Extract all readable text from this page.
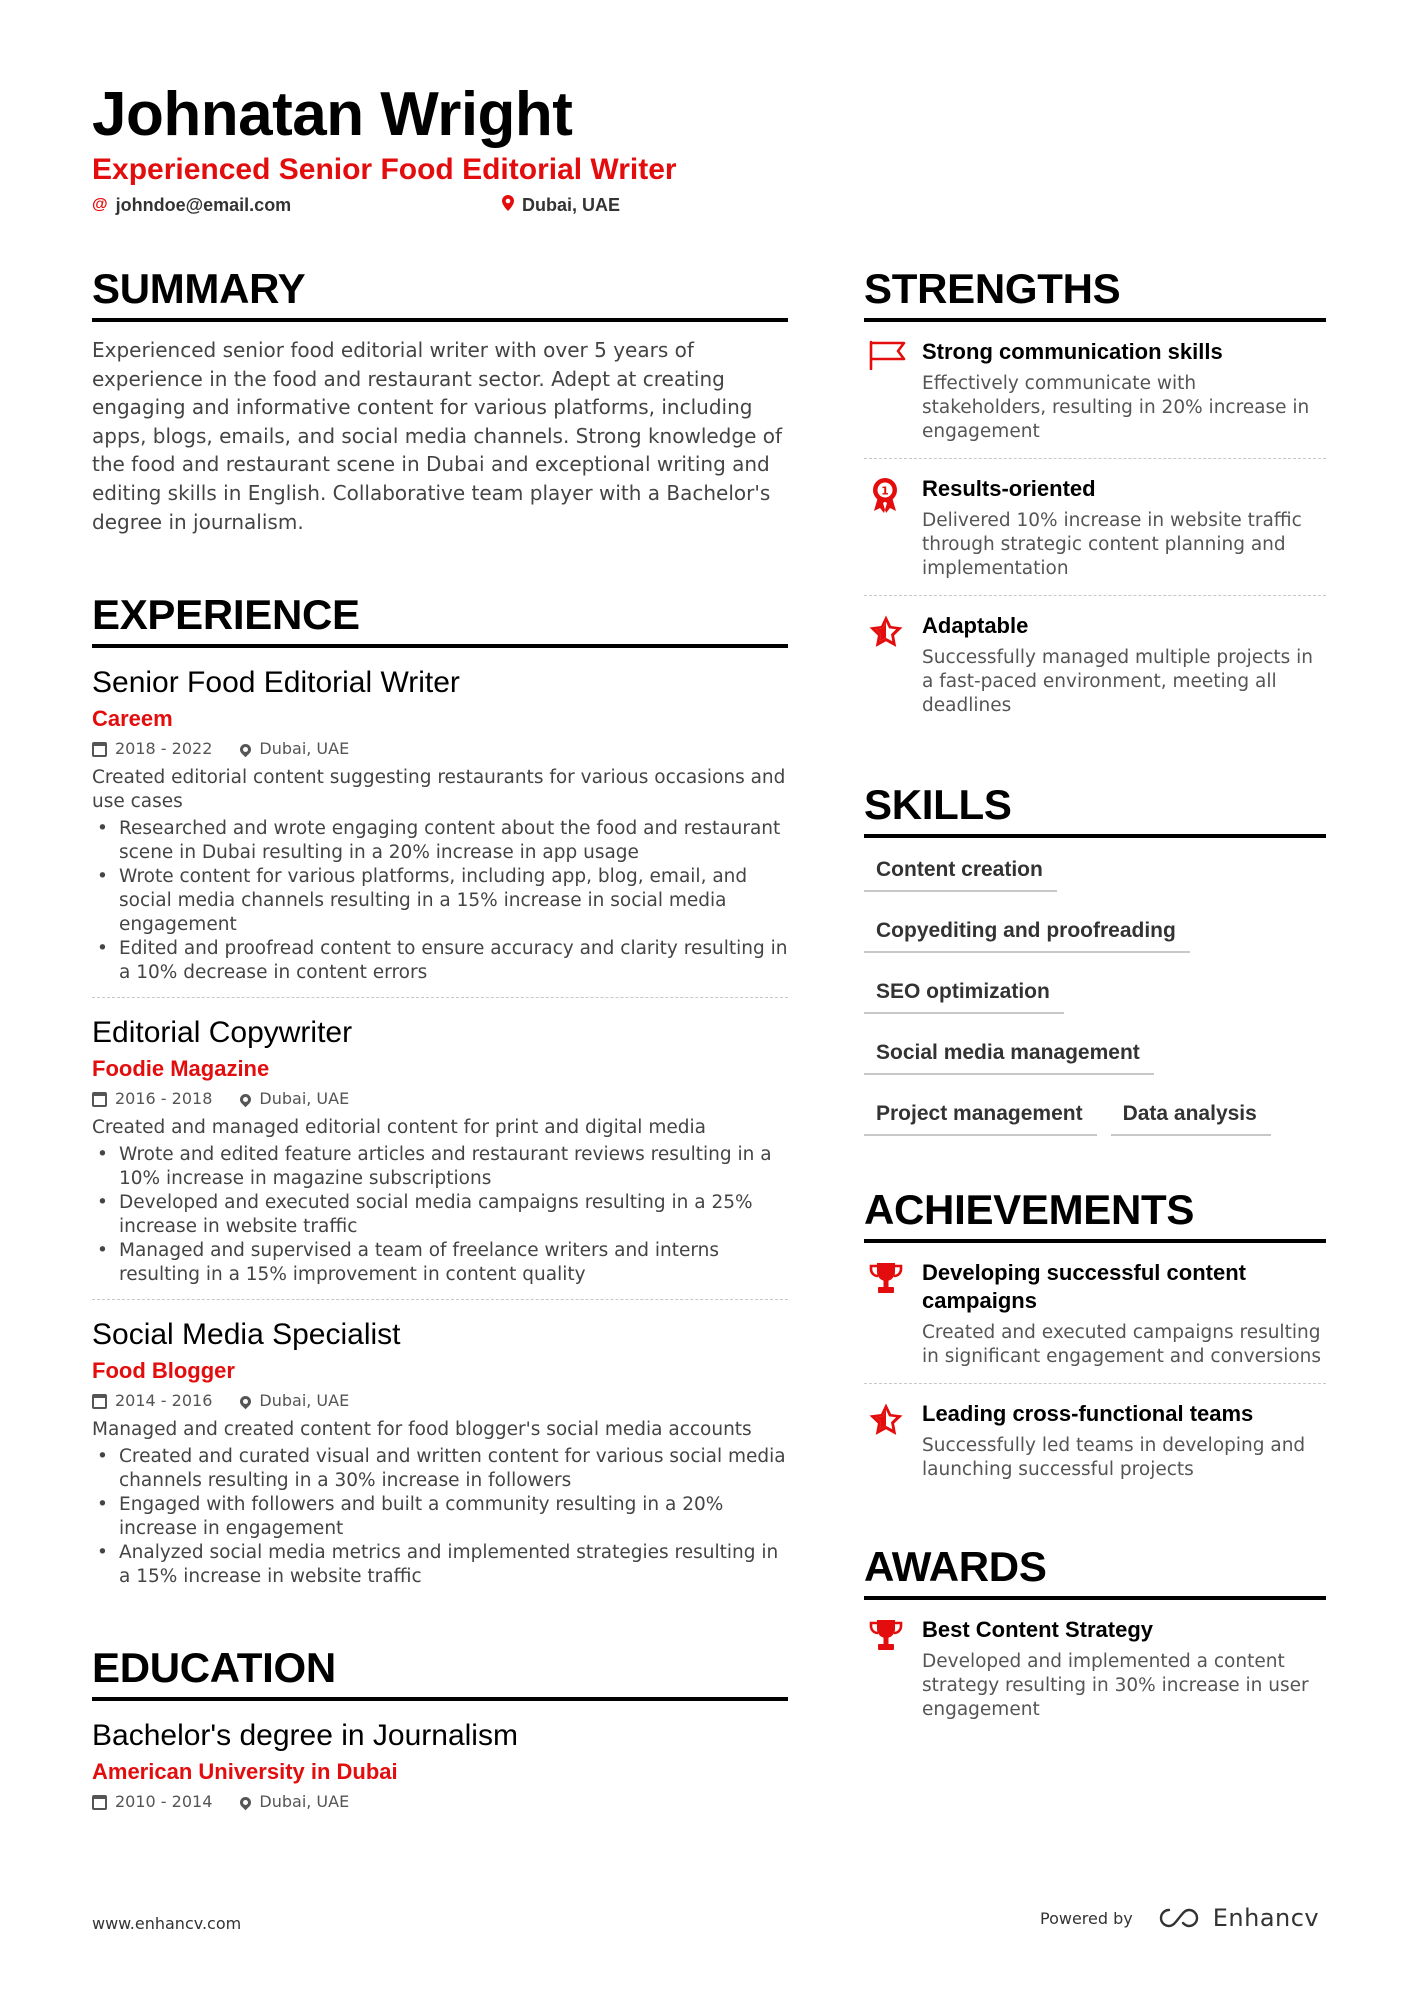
Johnatan Wright
Experienced Senior Food Editorial Writer
@ johndoe@email.com	Dubai, UAE
SUMMARY

Experienced senior food editorial writer with over 5 years of experience in the food and restaurant sector. Adept at creating engaging and informative content for various platforms, including apps, blogs, emails, and social media channels. Strong knowledge of the food and restaurant scene in Dubai and exceptional writing and editing skills in English. Collaborative team player with a Bachelor's degree in journalism.

EXPERIENCE
Senior Food Editorial Writer
Careem
2018 - 2022	Dubai, UAE
Created editorial content suggesting restaurants for various occasions and use cases
• Researched and wrote engaging content about the food and restaurant scene in Dubai resulting in a 20% increase in app usage
• Wrote content for various platforms, including app, blog, email, and social media channels resulting in a 15% increase in social media engagement
• Edited and proofread content to ensure accuracy and clarity resulting in a 10% decrease in content errors
Editorial Copywriter
Foodie Magazine
2016 - 2018	Dubai, UAE
Created and managed editorial content for print and digital media
• Wrote and edited feature articles and restaurant reviews resulting in a 10% increase in magazine subscriptions
• Developed and executed social media campaigns resulting in a 25% increase in website traffic
• Managed and supervised a team of freelance writers and interns resulting in a 15% improvement in content quality
Social Media Specialist
Food Blogger
2014 - 2016	Dubai, UAE
Managed and created content for food blogger's social media accounts
• Created and curated visual and written content for various social media channels resulting in a 30% increase in followers
• Engaged with followers and built a community resulting in a 20% increase in engagement
• Analyzed social media metrics and implemented strategies resulting in a 15% increase in website traffic
EDUCATION
Bachelor's degree in Journalism
American University in Dubai
2010 - 2014	Dubai, UAE
STRENGTHS
Strong communication skills
Effectively communicate with stakeholders, resulting in 20% increase in engagement
1 Results-oriented
Delivered 10% increase in website traffic through strategic content planning and implementation
Adaptable
Successfully managed multiple projects in a fast-paced environment, meeting all deadlines
SKILLS
Content creation
Copyediting and proofreading
SEO optimization
Social media management
Project management	Data analysis
ACHIEVEMENTS
Developing successful content campaigns
Created and executed campaigns resulting in significant engagement and conversions
Leading cross-functional teams
Successfully led teams in developing and launching successful projects
AWARDS
Best Content Strategy
Developed and implemented a content strategy resulting in 30% increase in user engagement
www.enhancv.com	Powered by	Enhancv
